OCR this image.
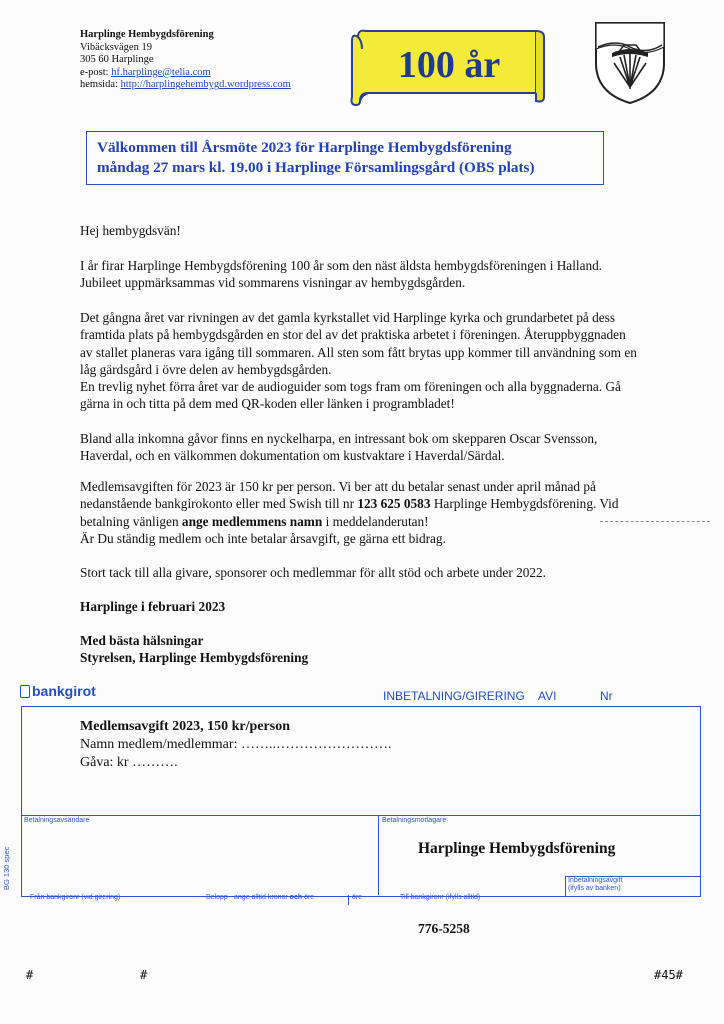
Harplinge Hembygdsförening
Vibäcksvägen 19
305 60 Harplinge
e-post: hf.harplinge@telia.com
hemsida: http://harplingehembygd.wordpress.com	100 år
Välkommen till Årsmöte 2023 för Harplinge Hembygdsförening
måndag 27 mars kl. 19.00 i Harplinge Församlingsgård (OBS plats)
Hej hembygdsvän!
I år firar Harplinge Hembygdsförening 100 år som den näst äldsta hembygdsföreningen i Halland. Jubileet uppmärksammas vid sommarens visningar av hembygdsgården.
Det gångna året var rivningen av det gamla kyrkstallet vid Harplinge kyrka och grundarbetet på dess framtida plats på hembygdsgården en stor del av det praktiska arbetet i föreningen. Återuppbyggnaden av stallet planeras vara igång till sommaren. All sten som fått brytas upp kommer till användning som en låg gärdsgård i övre delen av hembygdsgården.
En trevlig nyhet förra året var de audioguider som togs fram om föreningen och alla byggnaderna. Gå gärna in och titta på dem med QR-koden eller länken i programbladet!
Bland alla inkomna gåvor finns en nyckelharpa, en intressant bok om skepparen Oscar Svensson, Haverdal, och en välkommen dokumentation om kustvaktare i Haverdal/Särdal.
Medlemsavgiften för 2023 är 150 kr per person. Vi ber att du betalar senast under april månad på nedanstående bankgirokonto eller med Swish till nr 123 625 0583 Harplinge Hembygdsförening. Vid betalning vänligen ange medlemmens namn i meddelanderutan!
Är Du ständig medlem och inte betalar årsavgift, ge gärna ett bidrag.
Stort tack till alla givare, sponsorer och medlemmar för allt stöd och arbete under 2022.
Harplinge i februari 2023
Med bästa hälsningar
Styrelsen, Harplinge Hembygdsförening
bankgirot	INBETALNING/GIRERING AVI	Nr
Medlemsavgift 2023, 150 kr/person
Namn medlem/medlemmar: ……..…………………….
Gåva: kr ……….
Betalningsavsändare	Betalningsmottagare
Harplinge Hembygdsförening
Inbetalningsavgift
(ifylls av banken)
BG 130 spec
Från bankgironr (vid girering)	Belopp - ange alltid kronor och öre	öre	Till bankgironr (ifylls alltid)
776-5258
#	#	#45#
